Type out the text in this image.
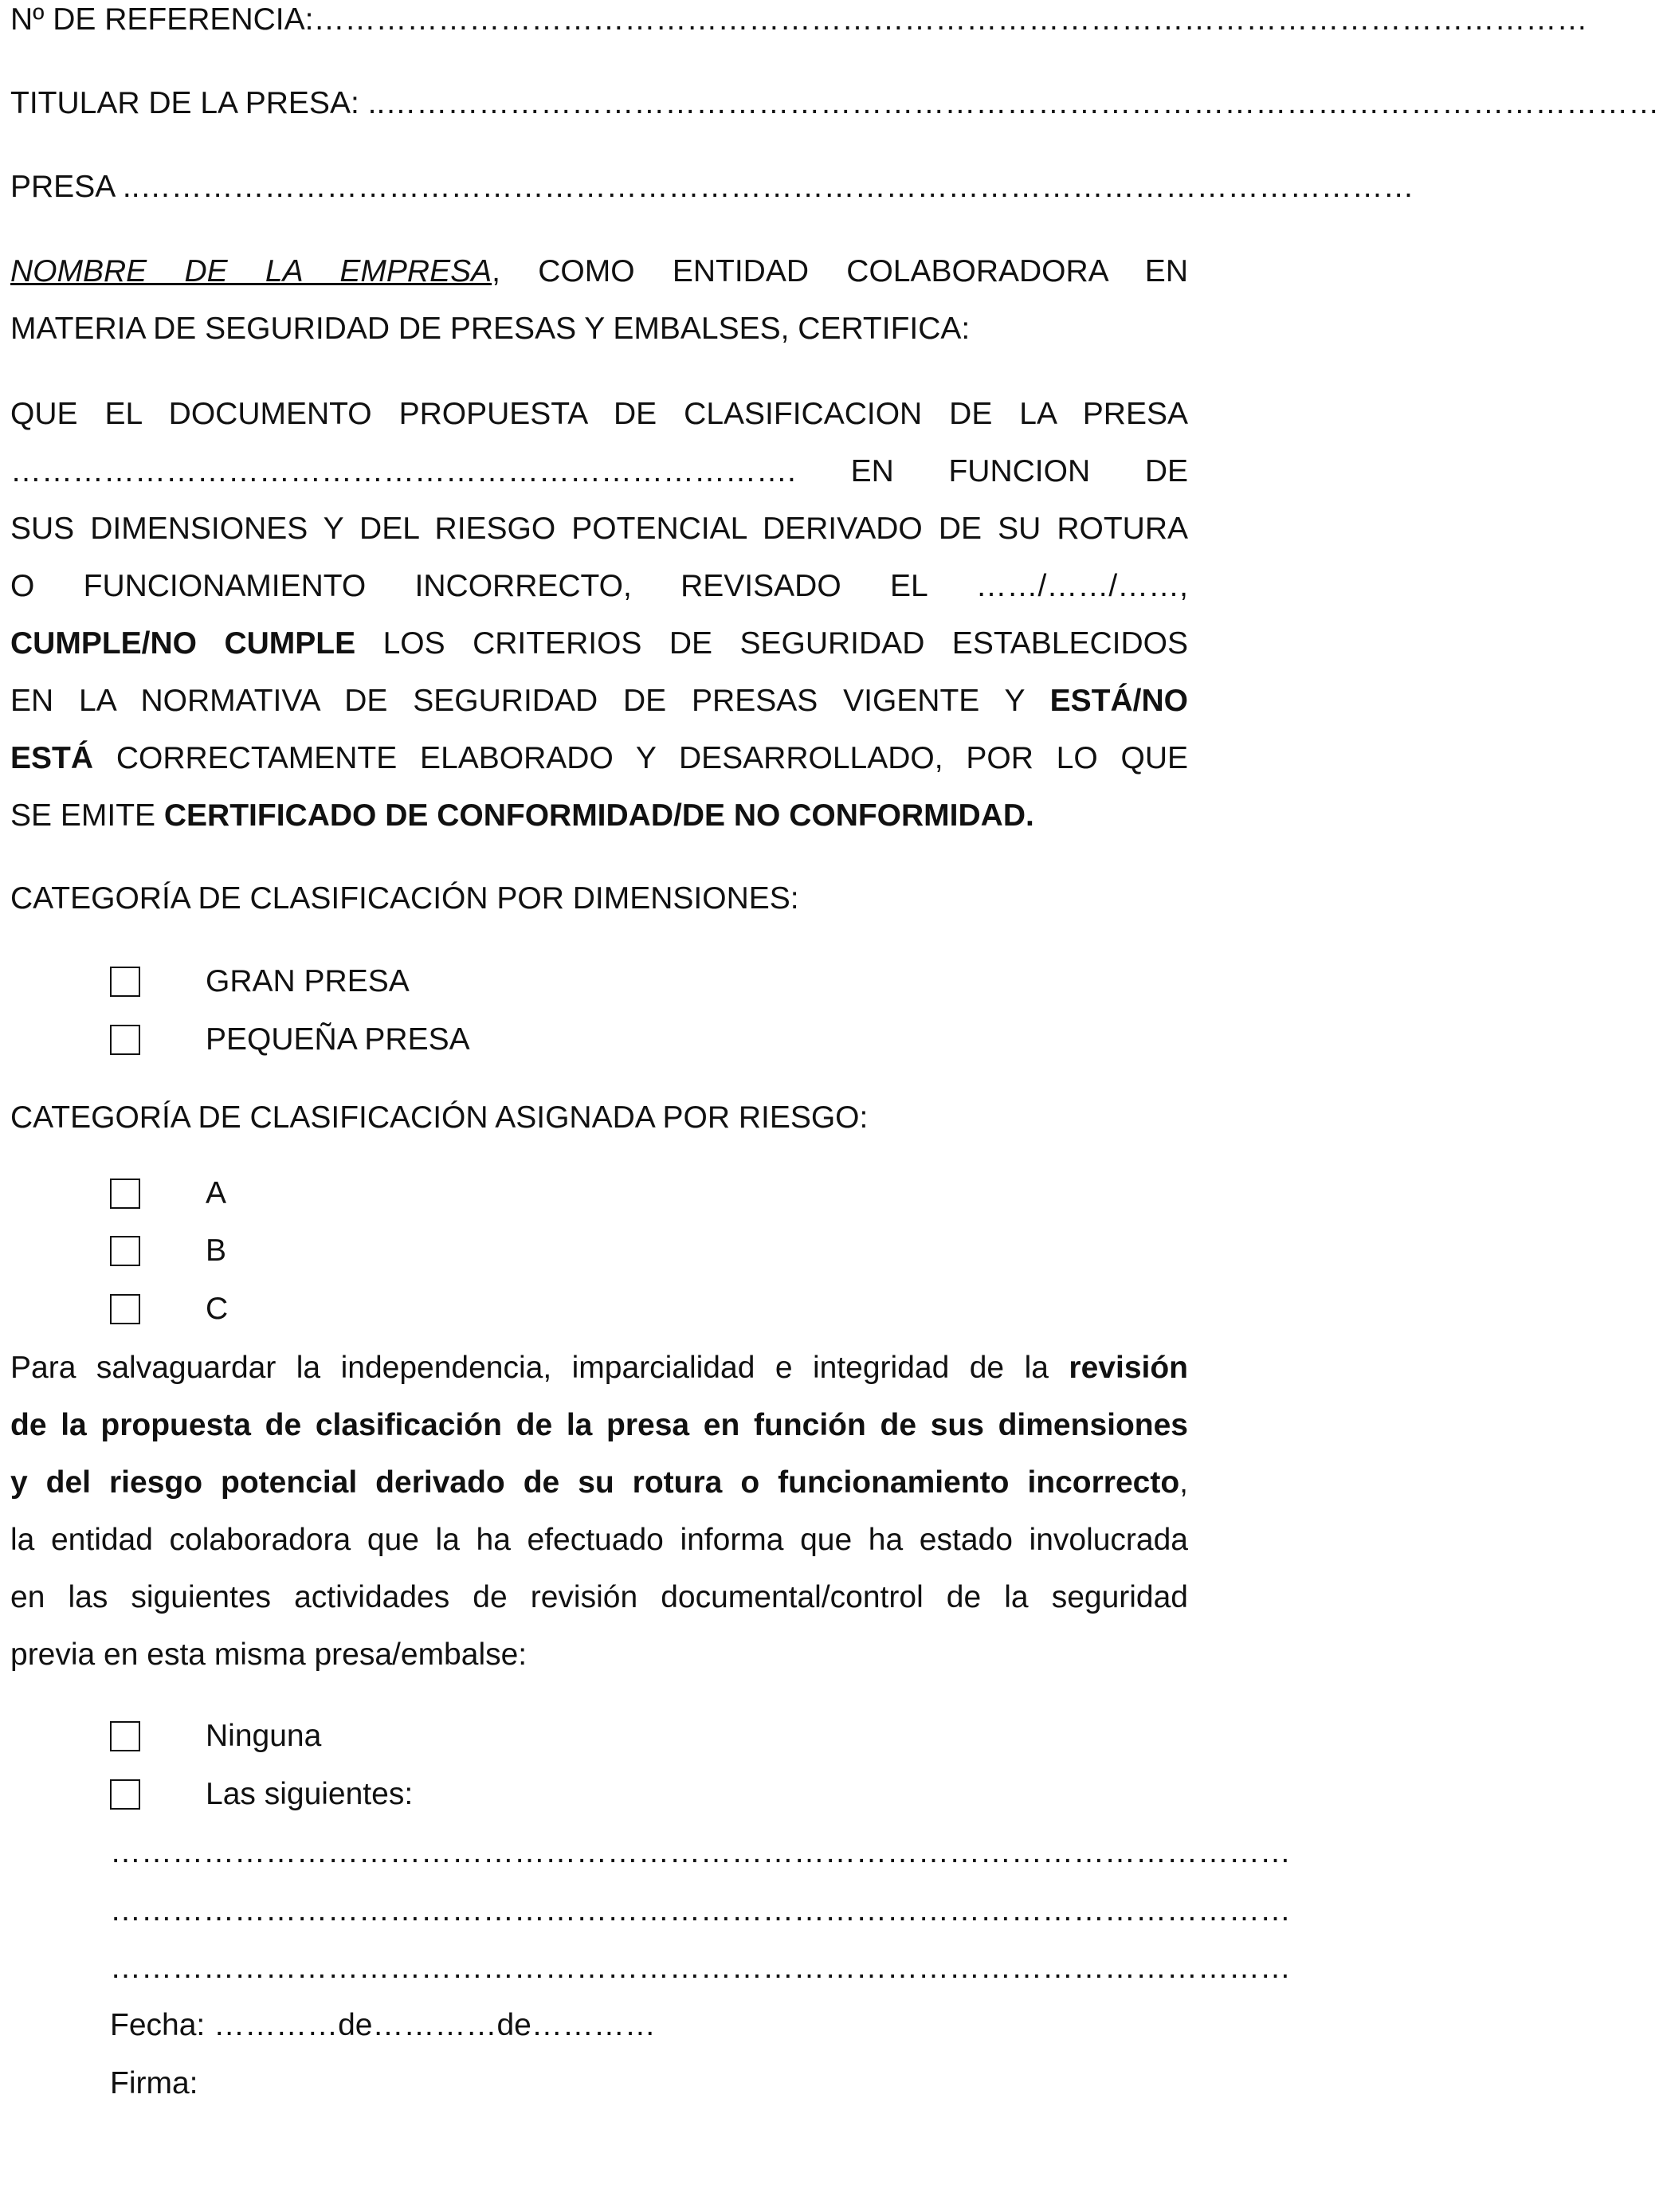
Nº DE REFERENCIA: ……………………………………………………………………………………………………………
TITULAR DE LA PRESA: .. ……………………………………………………………………………………………………………
PRESA .. ……………………………………………………………………………………………………………
NOMBRE DE LA EMPRESA, COMO ENTIDAD COLABORADORA EN
MATERIA DE SEGURIDAD DE PRESAS Y EMBALSES, CERTIFICA:
QUE EL DOCUMENTO PROPUESTA DE CLASIFICACION DE LA PRESA
…………………………………………………………………. EN FUNCION DE
SUS DIMENSIONES Y DEL RIESGO POTENCIAL DERIVADO DE SU ROTURA
O FUNCIONAMIENTO INCORRECTO, REVISADO EL ……/……/……,
CUMPLE/NO CUMPLE LOS CRITERIOS DE SEGURIDAD ESTABLECIDOS
EN LA NORMATIVA DE SEGURIDAD DE PRESAS VIGENTE Y ESTÁ/NO
ESTÁ CORRECTAMENTE ELABORADO Y DESARROLLADO, POR LO QUE
SE EMITE CERTIFICADO DE CONFORMIDAD/DE NO CONFORMIDAD.
CATEGORÍA DE CLASIFICACIÓN POR DIMENSIONES:
GRAN PRESA
PEQUEÑA PRESA
CATEGORÍA DE CLASIFICACIÓN ASIGNADA POR RIESGO:
A
B
C
Para salvaguardar la independencia, imparcialidad e integridad de la revisión
de la propuesta de clasificación de la presa en función de sus dimensiones
y del riesgo potencial derivado de su rotura o funcionamiento incorrecto,
la entidad colaboradora que la ha efectuado informa que ha estado involucrada
en las siguientes actividades de revisión documental/control de la seguridad
previa en esta misma presa/embalse:
Ninguna
Las siguientes:
……………………………………………………………………………………………………
……………………………………………………………………………………………………
……………………………………………………………………………………………………
Fecha: …………de…………de…………
Firma:
